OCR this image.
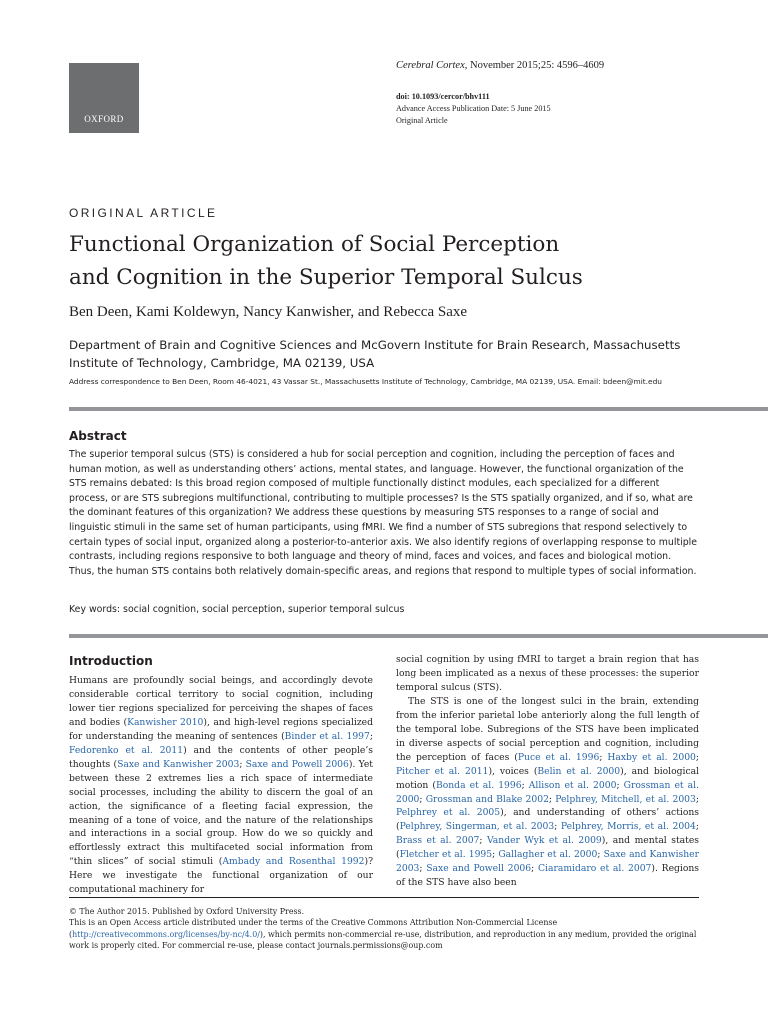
OXFORD
Cerebral Cortex, November 2015;25: 4596–4609
doi: 10.1093/cercor/bhv111
Advance Access Publication Date: 5 June 2015
Original Article
ORIGINAL ARTICLE
Functional Organization of Social Perception
and Cognition in the Superior Temporal Sulcus
Ben Deen, Kami Koldewyn, Nancy Kanwisher, and Rebecca Saxe
Department of Brain and Cognitive Sciences and McGovern Institute for Brain Research, Massachusetts Institute of Technology, Cambridge, MA 02139, USA
Address correspondence to Ben Deen, Room 46-4021, 43 Vassar St., Massachusetts Institute of Technology, Cambridge, MA 02139, USA. Email: bdeen@mit.edu
Abstract
The superior temporal sulcus (STS) is considered a hub for social perception and cognition, including the perception of faces and human motion, as well as understanding others’ actions, mental states, and language. However, the functional organization of the STS remains debated: Is this broad region composed of multiple functionally distinct modules, each specialized for a different process, or are STS subregions multifunctional, contributing to multiple processes? Is the STS spatially organized, and if so, what are the dominant features of this organization? We address these questions by measuring STS responses to a range of social and linguistic stimuli in the same set of human participants, using fMRI. We find a number of STS subregions that respond selectively to certain types of social input, organized along a posterior-to-anterior axis. We also identify regions of overlapping response to multiple contrasts, including regions responsive to both language and theory of mind, faces and voices, and faces and biological motion. Thus, the human STS contains both relatively domain-specific areas, and regions that respond to multiple types of social information.
Key words: social cognition, social perception, superior temporal sulcus
Introduction

Humans are profoundly social beings, and accordingly devote considerable cortical territory to social cognition, including lower tier regions specialized for perceiving the shapes of faces and bodies (Kanwisher 2010), and high-level regions specialized for understanding the meaning of sentences (Binder et al. 1997; Fedorenko et al. 2011) and the contents of other people’s thoughts (Saxe and Kanwisher 2003; Saxe and Powell 2006). Yet between these 2 extremes lies a rich space of intermediate social processes, including the ability to discern the goal of an action, the significance of a fleeting facial expression, the meaning of a tone of voice, and the nature of the relationships and interactions in a social group. How do we so quickly and effortlessly extract this multifaceted social information from “thin slices” of social stimuli (Ambady and Rosenthal 1992)? Here we investigate the functional organization of our computational machinery for

social cognition by using fMRI to target a brain region that has long been implicated as a nexus of these processes: the superior temporal sulcus (STS).

The STS is one of the longest sulci in the brain, extending from the inferior parietal lobe anteriorly along the full length of the temporal lobe. Subregions of the STS have been implicated in diverse aspects of social perception and cognition, including the perception of faces (Puce et al. 1996; Haxby et al. 2000; Pitcher et al. 2011), voices (Belin et al. 2000), and biological motion (Bonda et al. 1996; Allison et al. 2000; Grossman et al. 2000; Grossman and Blake 2002; Pelphrey, Mitchell, et al. 2003; Pelphrey et al. 2005), and understanding of others’ actions (Pelphrey, Singerman, et al. 2003; Pelphrey, Morris, et al. 2004; Brass et al. 2007; Vander Wyk et al. 2009), and mental states (Fletcher et al. 1995; Gallagher et al. 2000; Saxe and Kanwisher 2003; Saxe and Powell 2006; Ciaramidaro et al. 2007). Regions of the STS have also been

© The Author 2015. Published by Oxford University Press.
This is an Open Access article distributed under the terms of the Creative Commons Attribution Non-Commercial License (http://creativecommons.org/licenses/by-nc/4.0/), which permits non-commercial re-use, distribution, and reproduction in any medium, provided the original work is properly cited. For commercial re-use, please contact journals.permissions@oup.com
